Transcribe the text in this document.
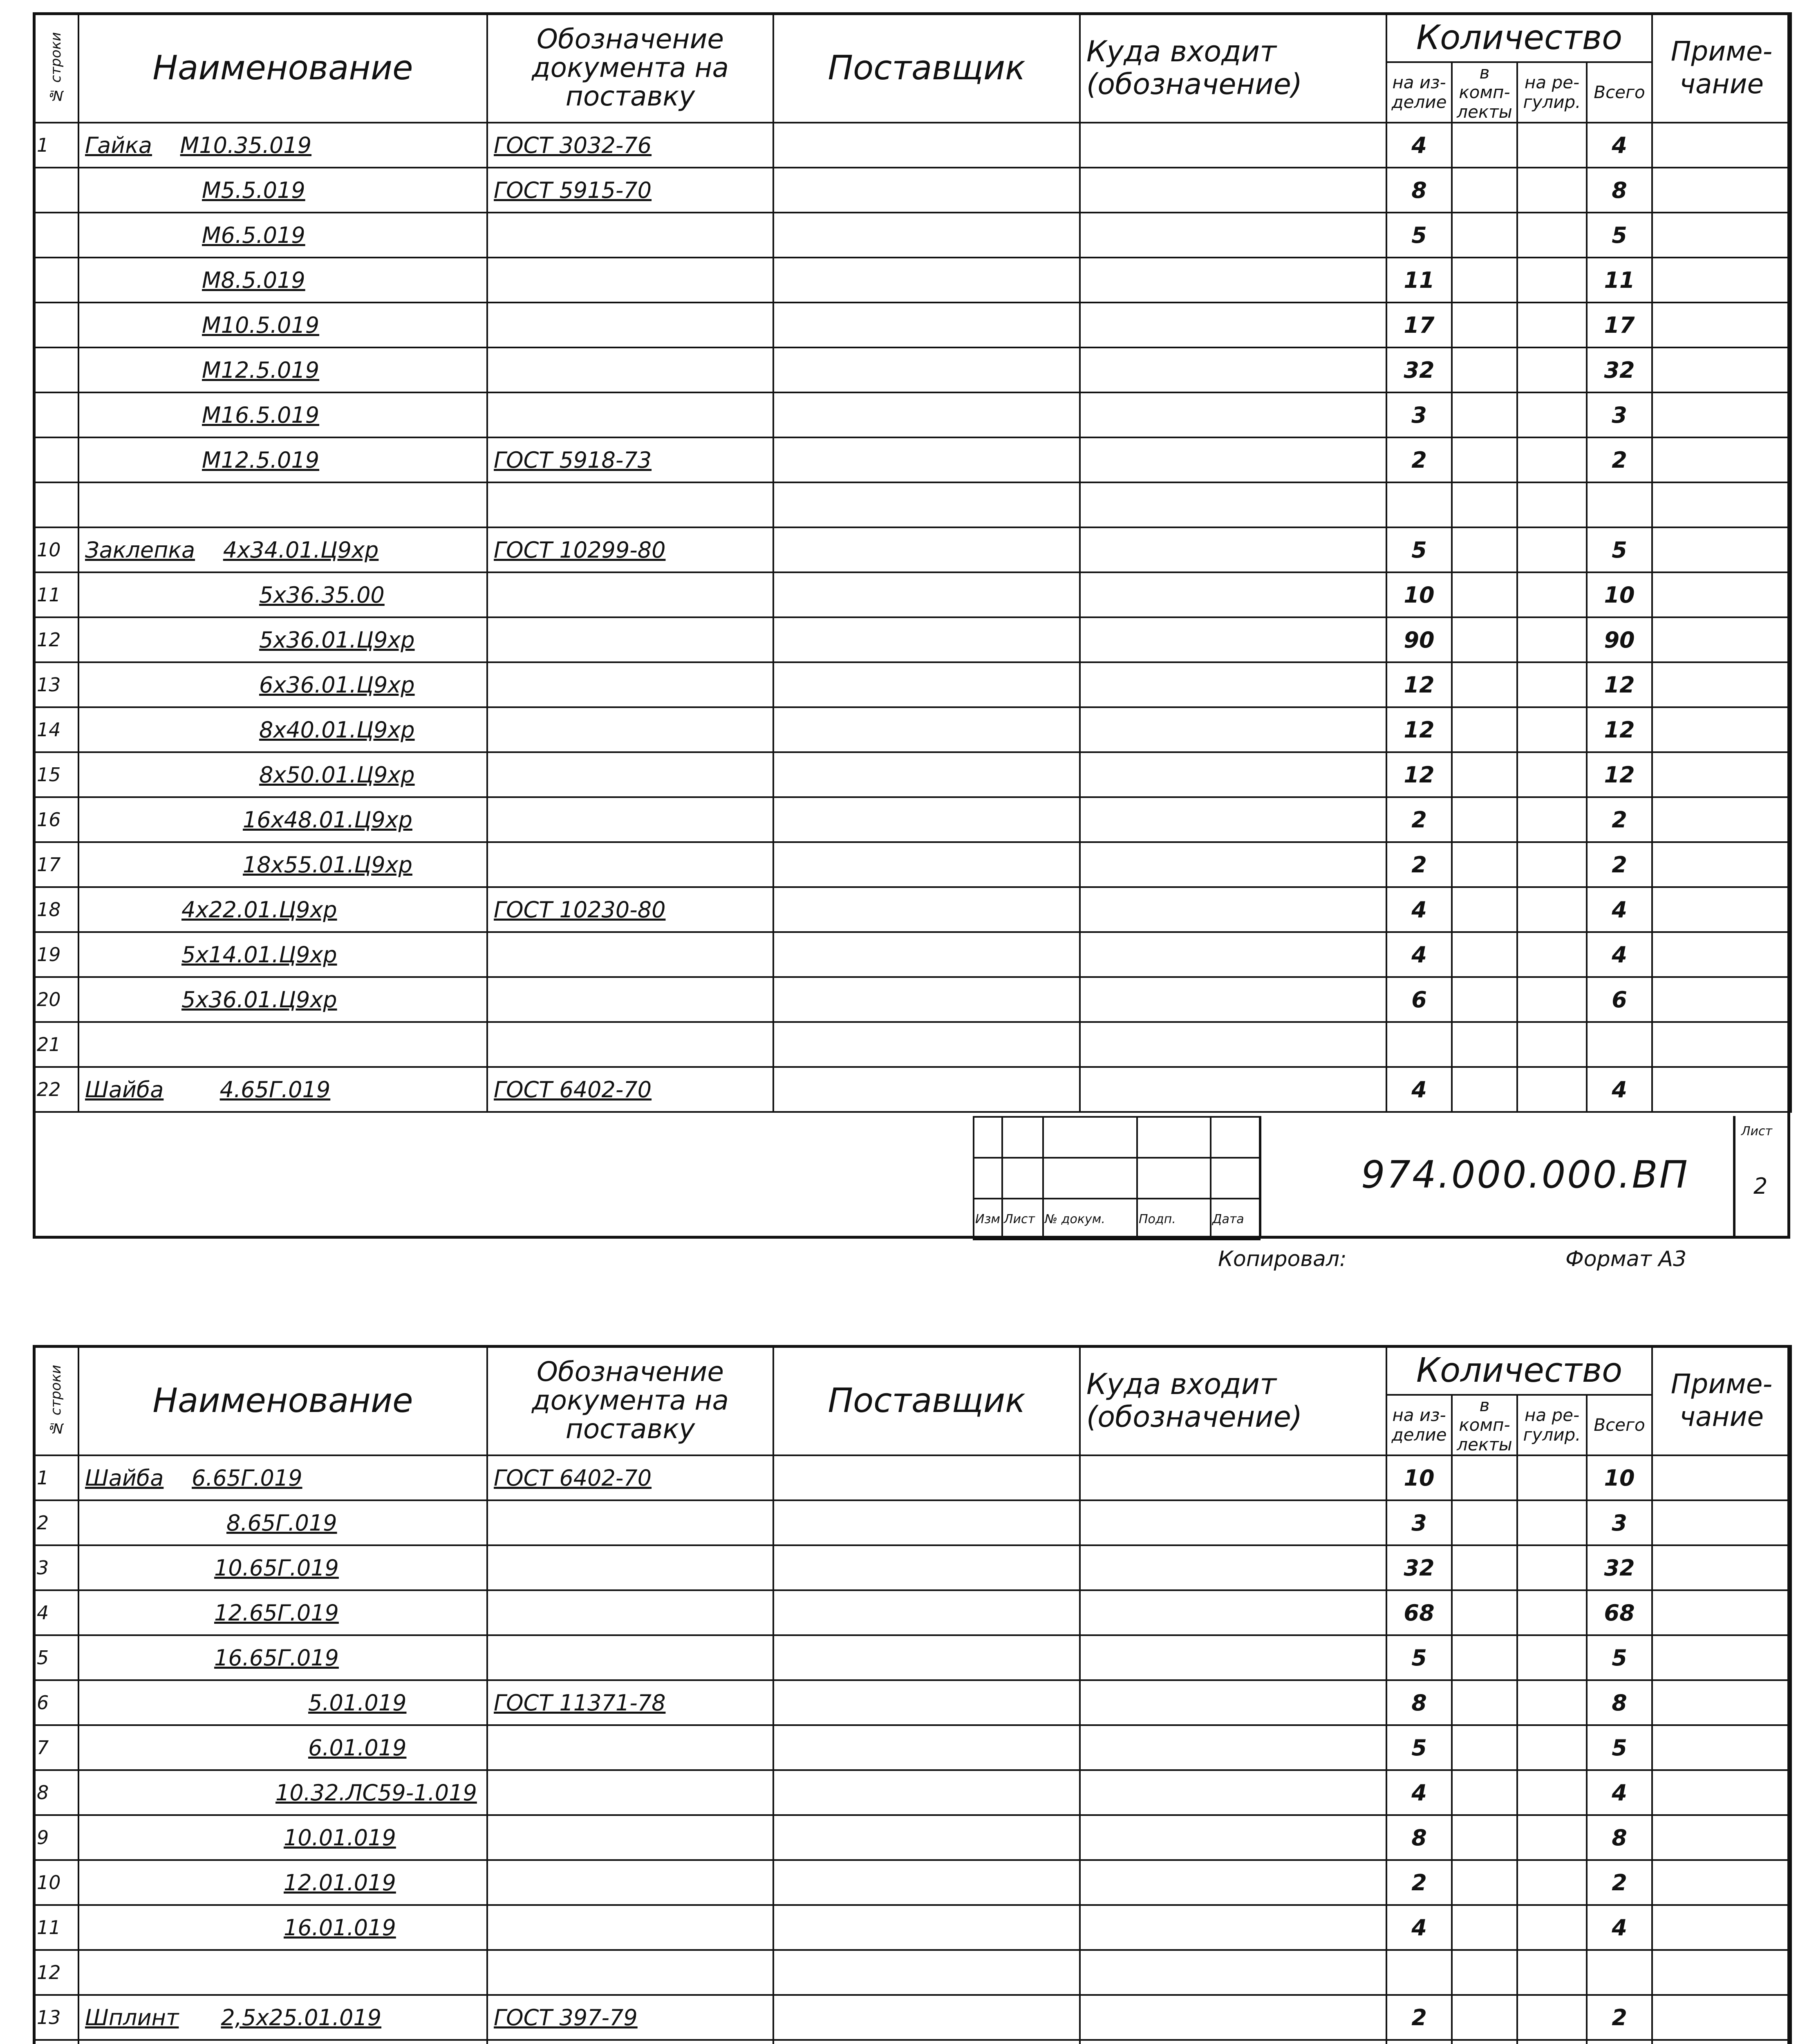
№ строки	Наименование	Обозначение документа на поставку	Поставщик	Куда входит (обозначение)	Количество				Приме-чание
					на из-делие	в комп-лекты	на ре-гулир.	Всего	
1	Гайка М10.35.019	ГОСТ 3032-76			4			4	
	М5.5.019	ГОСТ 5915-70			8			8	
	М6.5.019				5			5	
	М8.5.019				11			11	
	М10.5.019				17			17	
	М12.5.019				32			32	
	М16.5.019				3			3	
	М12.5.019	ГОСТ 5918-73			2			2	

10	Заклепка 4х34.01.Ц9хр	ГОСТ 10299-80			5			5	
11	5х36.35.00				10			10	
12	5х36.01.Ц9хр				90			90	
13	6х36.01.Ц9хр				12			12	
14	8х40.01.Ц9хр				12			12	
15	8х50.01.Ц9хр				12			12	
16	16х48.01.Ц9хр				2			2	
17	18х55.01.Ц9хр				2			2	
18	4х22.01.Ц9хр	ГОСТ 10230-80			4			4	
19	5х14.01.Ц9хр				4			4	
20	5х36.01.Ц9хр				6			6	
21									
22	Шайба 4.65Г.019	ГОСТ 6402-70			4			4	

Изм	Лист	№ докум.	Подп.	Дата
974.000.000.ВП
Лист
2
Копировал:	Формат А3
№ строки	Наименование	Обозначение документа на поставку	Поставщик	Куда входит (обозначение)	Количество				Приме-чание
					на из-делие	в комп-лекты	на ре-гулир.	Всего	
1	Шайба 6.65Г.019	ГОСТ 6402-70			10			10	
2	8.65Г.019				3			3	
3	10.65Г.019				32			32	
4	12.65Г.019				68			68	
5	16.65Г.019				5			5	
6	5.01.019	ГОСТ 11371-78			8			8	
7	6.01.019				5			5	
8	10.32.ЛС59-1.019				4			4	
9	10.01.019				8			8	
10	12.01.019				2			2	
11	16.01.019				4			4	
12									
13	Шплинт 2,5х25.01.019	ГОСТ 397-79			2			2	
